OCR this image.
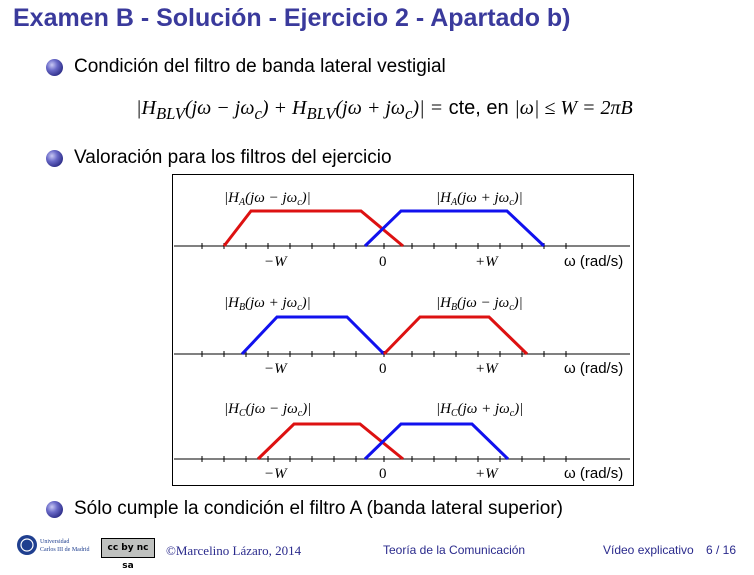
Examen B - Solución - Ejercicio 2 - Apartado b)
Condición del filtro de banda lateral vestigial
$|H_{BLV}(j\omega - j\omega_c) + H_{BLV}(j\omega + j\omega_c)|$ = cte, en |ω| ≤ W = 2πB
Valoración para los filtros del ejercicio
$|H_A(j\omega - j\omega_c)|$	$|H_A(j\omega + j\omega_c)|$
−W	0	+W	ω (rad/s)
$|H_B(j\omega + j\omega_c)|$	$|H_B(j\omega - j\omega_c)|$
−W	0	+W	ω (rad/s)
$|H_C(j\omega - j\omega_c)|$	$|H_C(j\omega + j\omega_c)|$
−W	0	+W	ω (rad/s)
Sólo cumple la condición el filtro A (banda lateral superior)
Universidad
Carlos III de Madrid	cc by nc sa
©Marcelino Lázaro, 2014	Teoría de la Comunicación	Vídeo explicativo 6 / 16
